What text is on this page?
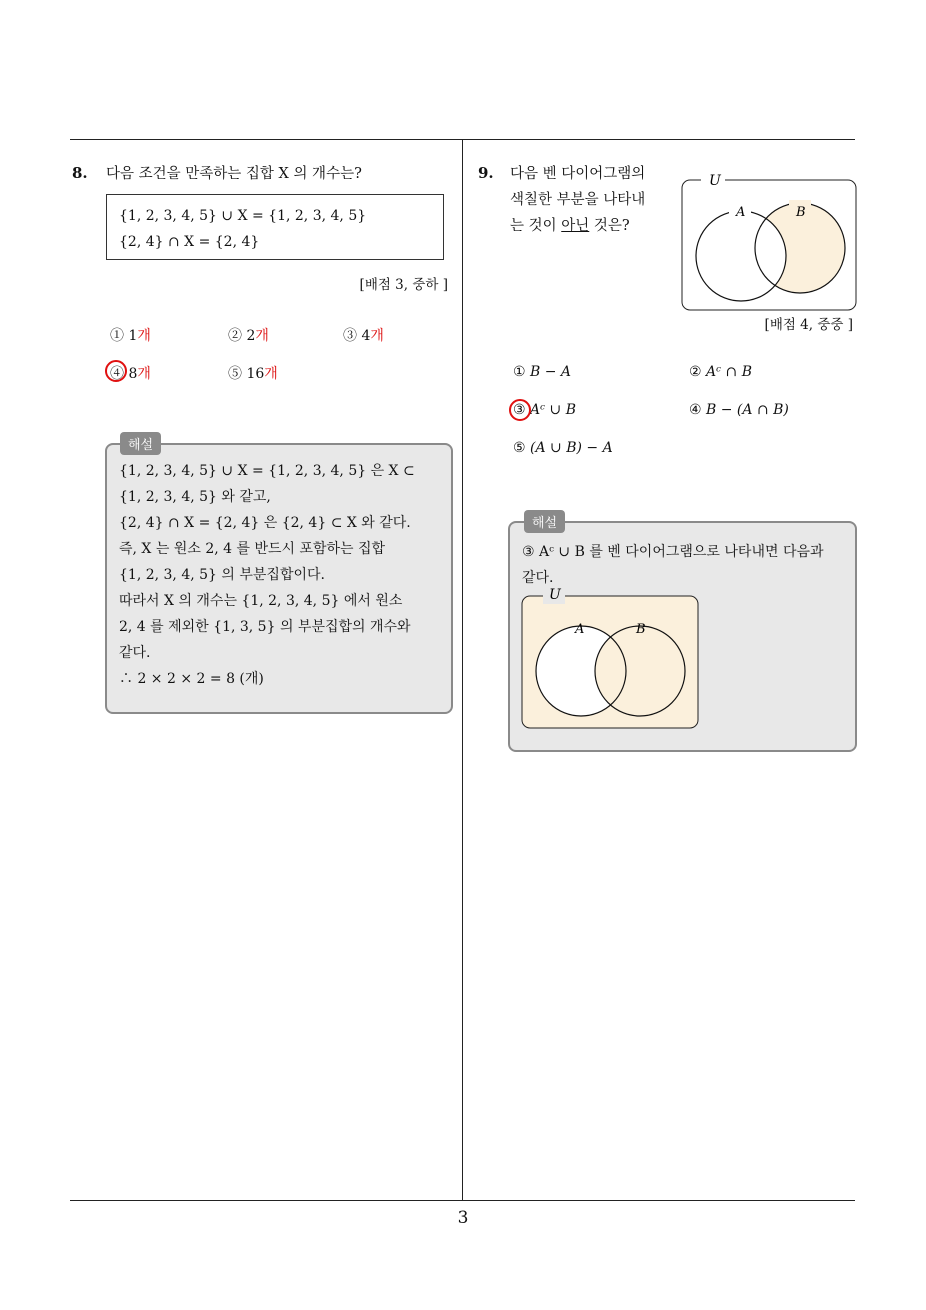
8. 다음 조건을 만족하는 집합 X 의 개수는?
{1, 2, 3, 4, 5} ∪ X = {1, 2, 3, 4, 5}
{2, 4} ∩ X = {2, 4}
[배점 3, 중하 ]
① 1개	② 2개	③ 4개
④ 8개	⑤ 16개
{1, 2, 3, 4, 5} ∪ X = {1, 2, 3, 4, 5} 은 X ⊂
{1, 2, 3, 4, 5} 와 같고,
{2, 4} ∩ X = {2, 4} 은 {2, 4} ⊂ X 와 같다.
즉, X 는 원소 2, 4 를 반드시 포함하는 집합
{1, 2, 3, 4, 5} 의 부분집합이다.
따라서 X 의 개수는 {1, 2, 3, 4, 5} 에서 원소
2, 4 를 제외한 {1, 3, 5} 의 부분집합의 개수와
같다.
∴ 2 × 2 × 2 = 8 (개)
해설
9. 다음 벤 다이어그램의
색칠한 부분을 나타내
는 것이 아닌 것은?
U
A	B
[배점 4, 중중 ]
① B − A	② Aᶜ ∩ B
③ Aᶜ ∪ B	④ B − (A ∩ B)
⑤ (A ∪ B) − A
③ Aᶜ ∪ B 를 벤 다이어그램으로 나타내면 다음과
같다.
해설
U
A	B
3
